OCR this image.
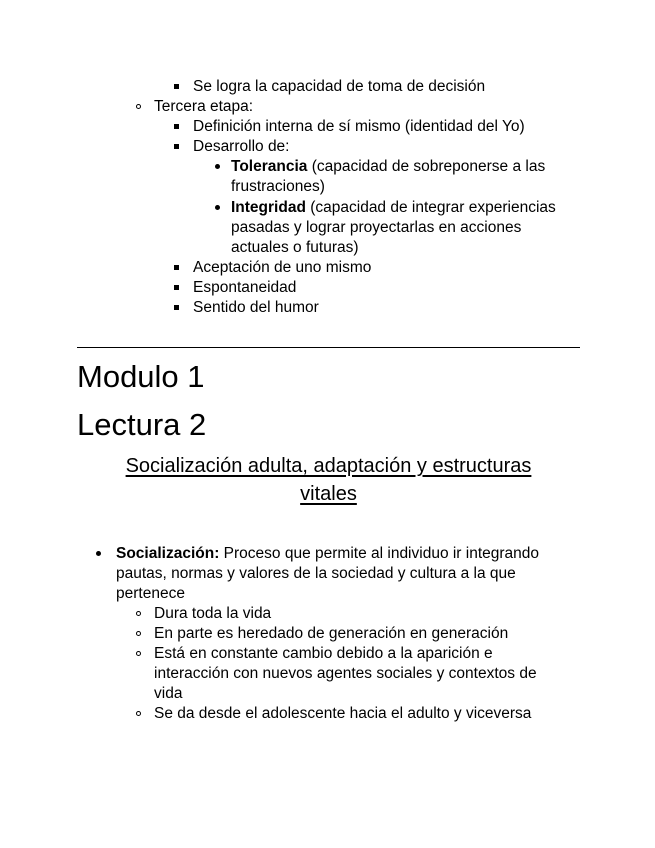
Se logra la capacidad de toma de decisión
Tercera etapa:
Definición interna de sí mismo (identidad del Yo)
Desarrollo de:
Tolerancia (capacidad de sobreponerse a las
frustraciones)
Integridad (capacidad de integrar experiencias
pasadas y lograr proyectarlas en acciones
actuales o futuras)
Aceptación de uno mismo
Espontaneidad
Sentido del humor
Modulo 1
Lectura 2
Socialización adulta, adaptación y estructuras
vitales
Socialización: Proceso que permite al individuo ir integrando
pautas, normas y valores de la sociedad y cultura a la que
pertenece
Dura toda la vida
En parte es heredado de generación en generación
Está en constante cambio debido a la aparición e
interacción con nuevos agentes sociales y contextos de
vida
Se da desde el adolescente hacia el adulto y viceversa
